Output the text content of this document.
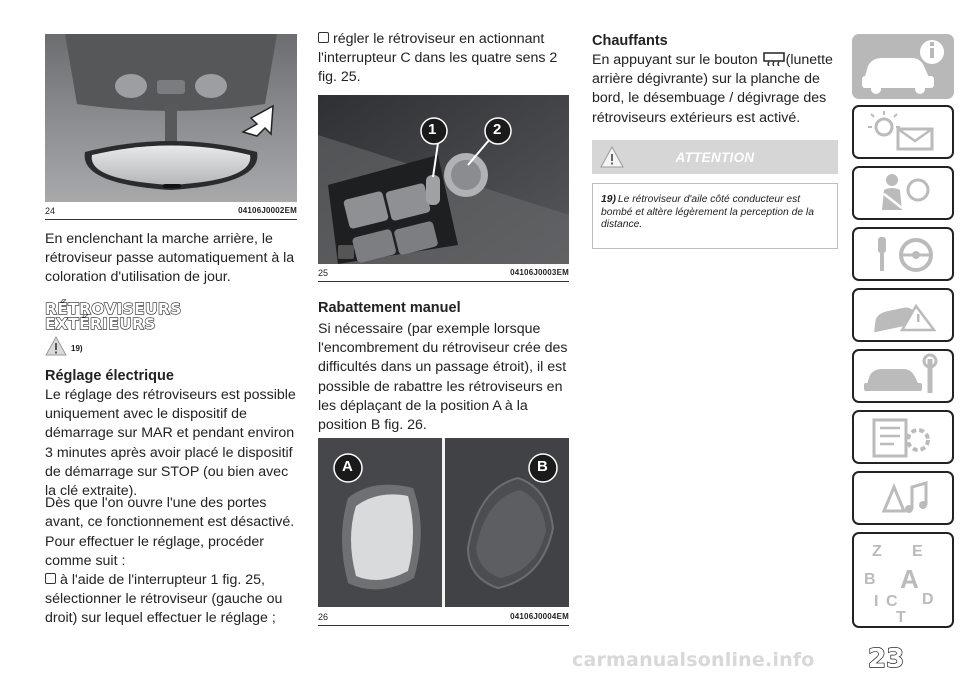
24	04106J0002EM

En enclenchant la marche arrière, le rétroviseur passe automatiquement à la coloration d'utilisation de jour.

RÉTROVISEURS
EXTÉRIEURS
19)
Réglage électrique

Le réglage des rétroviseurs est possible uniquement avec le dispositif de démarrage sur MAR et pendant environ 3 minutes après avoir placé le dispositif de démarrage sur STOP (ou bien avec la clé extraite).

Dès que l'on ouvre l'une des portes avant, ce fonctionnement est désactivé.

Pour effectuer le réglage, procéder comme suit :

à l'aide de l'interrupteur 1 fig. 25, sélectionner le rétroviseur (gauche ou droit) sur lequel effectuer le réglage ;

régler le rétroviseur en actionnant l'interrupteur C dans les quatre sens 2 fig. 25.

1	2
25	04106J0003EM
Rabattement manuel

Si nécessaire (par exemple lorsque l'encombrement du rétroviseur crée des difficultés dans un passage étroit), il est possible de rabattre les rétroviseurs en les déplaçant de la position A à la position B fig. 26.

A	B
26	04106J0004EM
Chauffants

En appuyant sur le bouton (lunette arrière dégivrante) sur la planche de bord, le désembuage / dégivrage des rétroviseurs extérieurs est activé.

ATTENTION
19) Le rétroviseur d'aile côté conducteur est bombé et altère légèrement la perception de la distance.
Z E
B A
I C D
T
carmanualsonline.info 23
